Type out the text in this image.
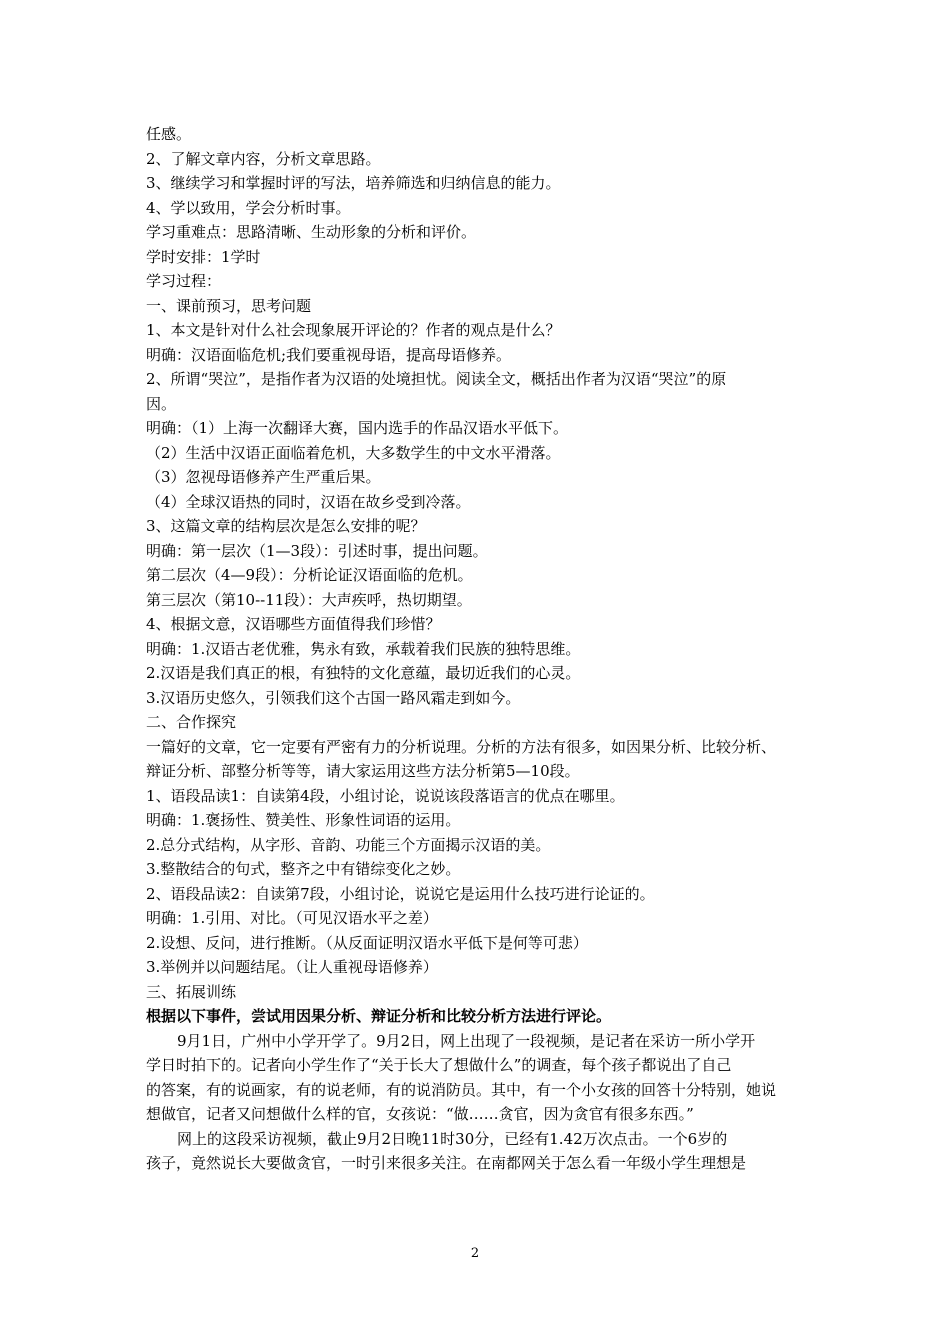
任感。
2、了解文章内容，分析文章思路。
3、继续学习和掌握时评的写法，培养筛选和归纳信息的能力。
4、学以致用，学会分析时事。
学习重难点：思路清晰、生动形象的分析和评价。
学时安排：1学时
学习过程：
一、课前预习，思考问题
1、本文是针对什么社会现象展开评论的？作者的观点是什么？
明确：汉语面临危机;我们要重视母语，提高母语修养。
2、所谓“哭泣”，是指作者为汉语的处境担忧。阅读全文，概括出作者为汉语“哭泣”的原
因。
明确：（1）上海一次翻译大赛，国内选手的作品汉语水平低下。
（2）生活中汉语正面临着危机，大多数学生的中文水平滑落。
（3）忽视母语修养产生严重后果。
（4）全球汉语热的同时，汉语在故乡受到冷落。
3、这篇文章的结构层次是怎么安排的呢？
明确：第一层次（1—3段）：引述时事，提出问题。
第二层次（4—9段）：分析论证汉语面临的危机。
第三层次（第10--11段）：大声疾呼，热切期望。
4、根据文意，汉语哪些方面值得我们珍惜？
明确：1.汉语古老优雅，隽永有致，承载着我们民族的独特思维。
2.汉语是我们真正的根，有独特的文化意蕴，最切近我们的心灵。
3.汉语历史悠久，引领我们这个古国一路风霜走到如今。
二、合作探究
一篇好的文章，它一定要有严密有力的分析说理。分析的方法有很多，如因果分析、比较分析、
辩证分析、部整分析等等，请大家运用这些方法分析第5—10段。
1、语段品读1：自读第4段，小组讨论，说说该段落语言的优点在哪里。
明确：1.褒扬性、赞美性、形象性词语的运用。
2.总分式结构，从字形、音韵、功能三个方面揭示汉语的美。
3.整散结合的句式，整齐之中有错综变化之妙。
2、语段品读2：自读第7段，小组讨论，说说它是运用什么技巧进行论证的。
明确：1.引用、对比。（可见汉语水平之差）
2.设想、反问，进行推断。（从反面证明汉语水平低下是何等可悲）
3.举例并以问题结尾。（让人重视母语修养）
三、拓展训练
根据以下事件，尝试用因果分析、辩证分析和比较分析方法进行评论。
9月1日，广州中小学开学了。9月2日，网上出现了一段视频，是记者在采访一所小学开
学日时拍下的。记者向小学生作了“关于长大了想做什么”的调查，每个孩子都说出了自己
的答案，有的说画家，有的说老师，有的说消防员。其中，有一个小女孩的回答十分特别，她说
想做官，记者又问想做什么样的官，女孩说：“做……贪官，因为贪官有很多东西。”
网上的这段采访视频，截止9月2日晚11时30分，已经有1.42万次点击。一个6岁的
孩子，竟然说长大要做贪官，一时引来很多关注。在南都网关于怎么看一年级小学生理想是
2
